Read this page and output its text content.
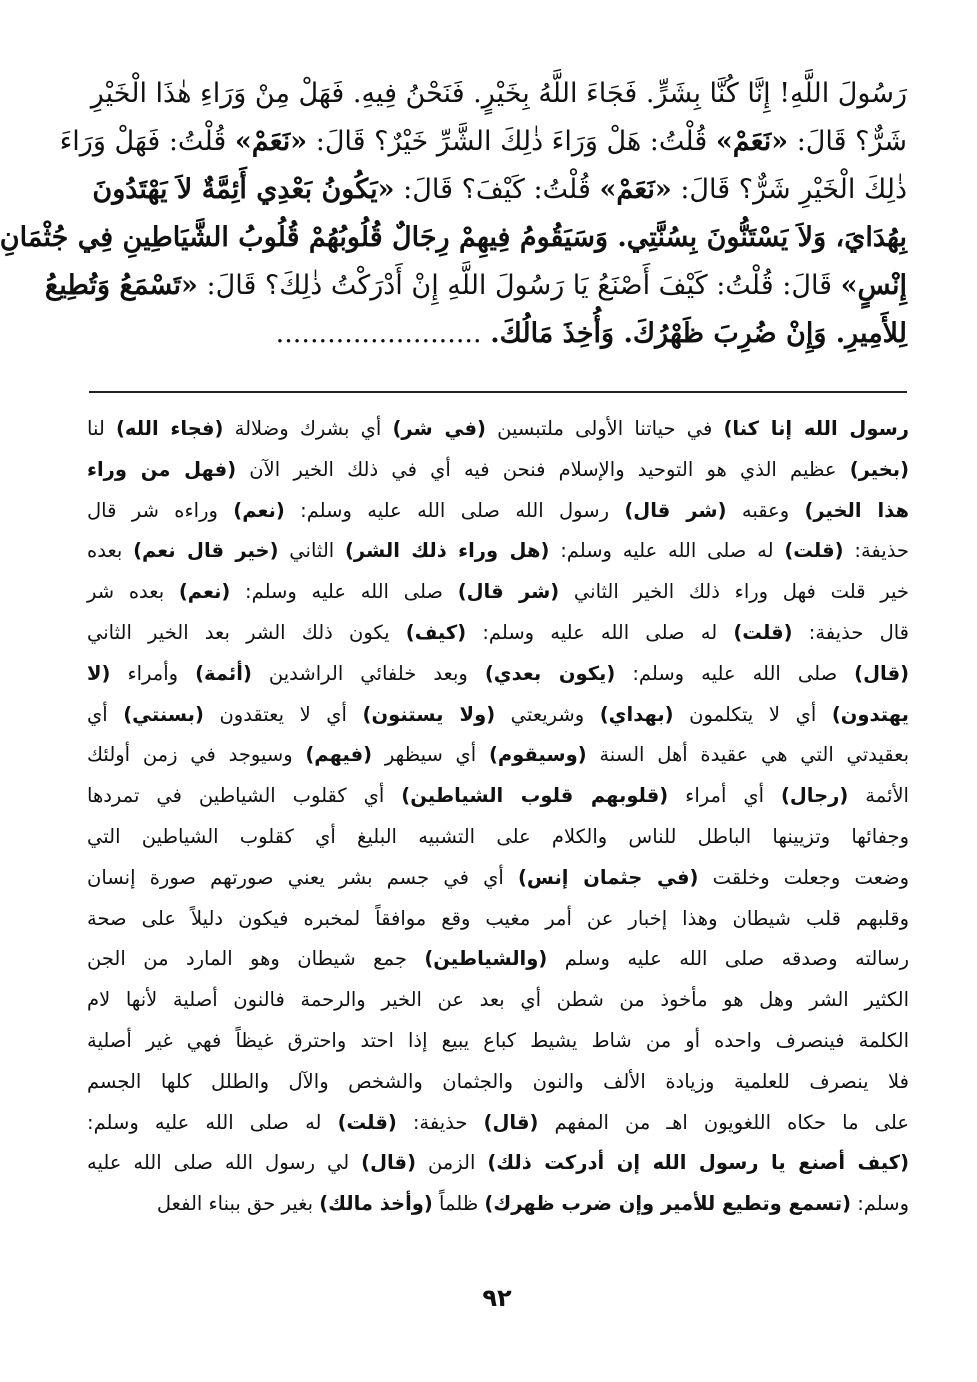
رَسُولَ اللَّهِ! إِنَّا كُنَّا بِشَرٍّ. فَجَاءَ اللَّهُ بِخَيْرٍ. فَنَحْنُ فِيهِ. فَهَلْ مِنْ وَرَاءِ هٰذَا الْخَيْرِ
شَرٌّ؟ قَالَ: «نَعَمْ» قُلْتُ: هَلْ وَرَاءَ ذٰلِكَ الشَّرِّ خَيْرٌ؟ قَالَ: «نَعَمْ» قُلْتُ: فَهَلْ وَرَاءَ
ذٰلِكَ الْخَيْرِ شَرٌّ؟ قَالَ: «نَعَمْ» قُلْتُ: كَيْفَ؟ قَالَ: «يَكُونُ بَعْدِي أَئِمَّةٌ لاَ يَهْتَدُونَ
بِهُدَايَ، وَلاَ يَسْتَنُّونَ بِسُنَّتِي. وَسَيَقُومُ فِيهِمْ رِجَالٌ قُلُوبُهُمْ قُلُوبُ الشَّيَاطِينِ فِي جُثْمَانِ
إِنْسٍ» قَالَ: قُلْتُ: كَيْفَ أَصْنَعُ يَا رَسُولَ اللَّهِ إِنْ أَدْرَكْتُ ذٰلِكَ؟ قَالَ: «تَسْمَعُ وَتُطِيعُ
لِلأَمِيرِ. وَإِنْ ضُرِبَ ظَهْرُكَ. وَأُخِذَ مَالُكَ. ........................
رسول الله إنا كنا) في حياتنا الأولى ملتبسين (في شر) أي بشرك وضلالة (فجاء الله) لنا
(بخير) عظيم الذي هو التوحيد والإسلام فنحن فيه أي في ذلك الخير الآن (فهل من وراء
هذا الخير) وعقبه (شر قال) رسول الله صلى الله عليه وسلم: (نعم) وراءه شر قال
حذيفة: (قلت) له صلى الله عليه وسلم: (هل وراء ذلك الشر) الثاني (خير قال نعم) بعده
خير قلت فهل وراء ذلك الخير الثاني (شر قال) صلى الله عليه وسلم: (نعم) بعده شر
قال حذيفة: (قلت) له صلى الله عليه وسلم: (كيف) يكون ذلك الشر بعد الخير الثاني
(قال) صلى الله عليه وسلم: (يكون بعدي) وبعد خلفائي الراشدين (أئمة) وأمراء (لا
يهتدون) أي لا يتكلمون (بهداي) وشريعتي (ولا يستنون) أي لا يعتقدون (بسنتي) أي
بعقيدتي التي هي عقيدة أهل السنة (وسيقوم) أي سيظهر (فيهم) وسيوجد في زمن أولئك
الأئمة (رجال) أي أمراء (قلوبهم قلوب الشياطين) أي كقلوب الشياطين في تمردها
وجفائها وتزيينها الباطل للناس والكلام على التشبيه البليغ أي كقلوب الشياطين التي
وضعت وجعلت وخلقت (في جثمان إنس) أي في جسم بشر يعني صورتهم صورة إنسان
وقلبهم قلب شيطان وهذا إخبار عن أمر مغيب وقع موافقاً لمخبره فيكون دليلاً على صحة
رسالته وصدقه صلى الله عليه وسلم (والشياطين) جمع شيطان وهو المارد من الجن
الكثير الشر وهل هو مأخوذ من شطن أي بعد عن الخير والرحمة فالنون أصلية لأنها لام
الكلمة فينصرف واحده أو من شاط يشيط كباع يبيع إذا احتد واحترق غيظاً فهي غير أصلية
فلا ينصرف للعلمية وزيادة الألف والنون والجثمان والشخص والآل والطلل كلها الجسم
على ما حكاه اللغويون اهـ من المفهم (قال) حذيفة: (قلت) له صلى الله عليه وسلم:
(كيف أصنع يا رسول الله إن أدركت ذلك) الزمن (قال) لي رسول الله صلى الله عليه
وسلم: (تسمع وتطيع للأمير وإن ضرب ظهرك) ظلماً (وأخذ مالك) بغير حق ببناء الفعل
٩٢
